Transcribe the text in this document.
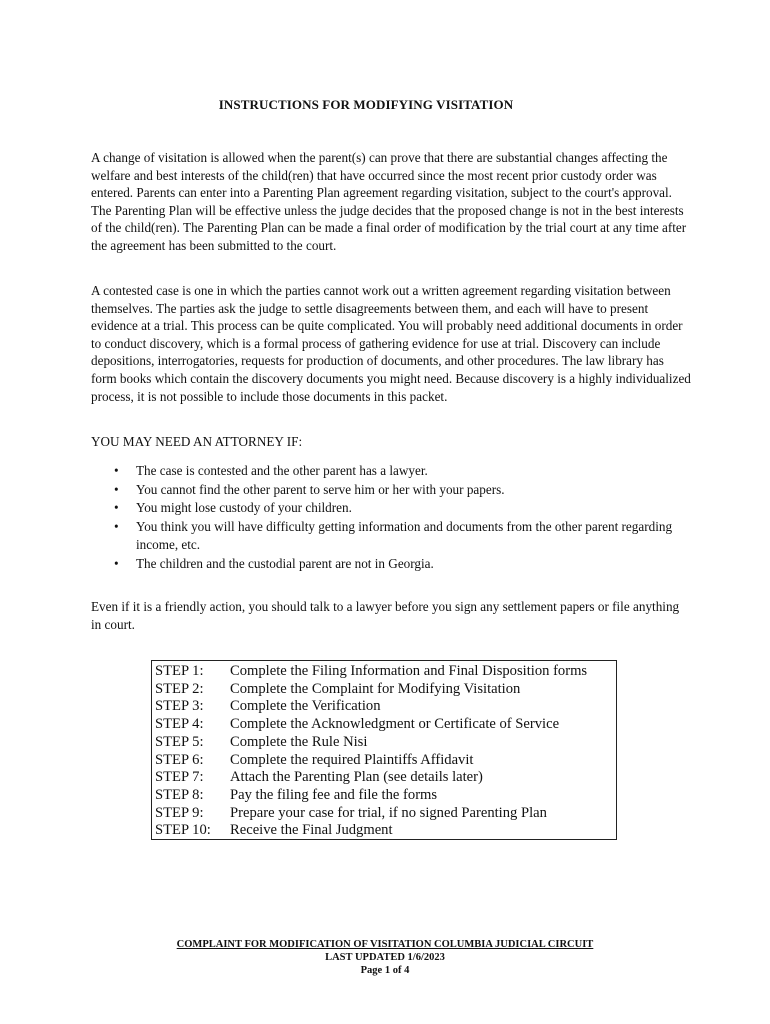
INSTRUCTIONS FOR MODIFYING VISITATION

A change of visitation is allowed when the parent(s) can prove that there are substantial changes affecting the welfare and best interests of the child(ren) that have occurred since the most recent prior custody order was entered. Parents can enter into a Parenting Plan agreement regarding visitation, subject to the court's approval. The Parenting Plan will be effective unless the judge decides that the proposed change is not in the best interests of the child(ren). The Parenting Plan can be made a final order of modification by the trial court at any time after the agreement has been submitted to the court.

A contested case is one in which the parties cannot work out a written agreement regarding visitation between themselves. The parties ask the judge to settle disagreements between them, and each will have to present evidence at a trial. This process can be quite complicated. You will probably need additional documents in order to conduct discovery, which is a formal process of gathering evidence for use at trial. Discovery can include depositions, interrogatories, requests for production of documents, and other procedures. The law library has form books which contain the discovery documents you might need. Because discovery is a highly individualized process, it is not possible to include those documents in this packet.

YOU MAY NEED AN ATTORNEY IF:

• The case is contested and the other parent has a lawyer.
• You cannot find the other parent to serve him or her with your papers.
• You might lose custody of your children.
• You think you will have difficulty getting information and documents from the other parent regarding income, etc.
• The children and the custodial parent are not in Georgia.

Even if it is a friendly action, you should talk to a lawyer before you sign any settlement papers or file anything in court.

STEP 1:	Complete the Filing Information and Final Disposition forms
STEP 2:	Complete the Complaint for Modifying Visitation
STEP 3:	Complete the Verification
STEP 4:	Complete the Acknowledgment or Certificate of Service
STEP 5:	Complete the Rule Nisi
STEP 6:	Complete the required Plaintiffs Affidavit
STEP 7:	Attach the Parenting Plan (see details later)
STEP 8:	Pay the filing fee and file the forms
STEP 9:	Prepare your case for trial, if no signed Parenting Plan
STEP 10:	Receive the Final Judgment
COMPLAINT FOR MODIFICATION OF VISITATION COLUMBIA JUDICIAL CIRCUIT
LAST UPDATED 1/6/2023
Page 1 of 4
